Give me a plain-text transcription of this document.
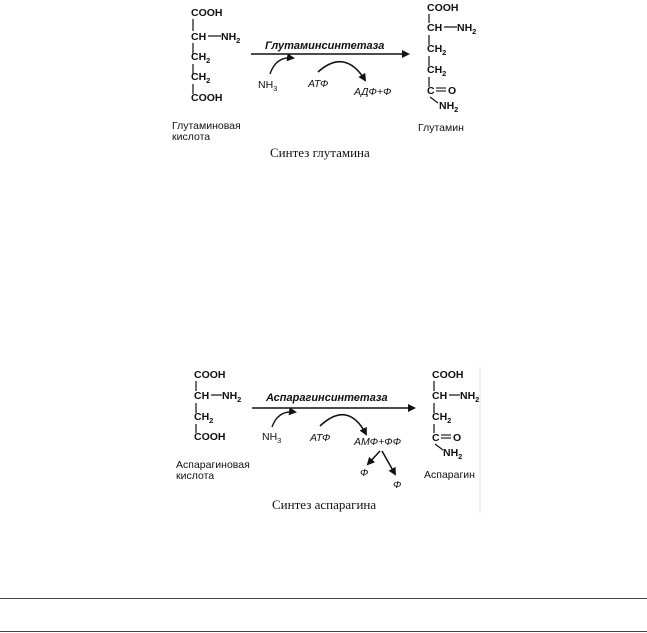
COOH
CH $NH_2$
$CH_2$
$CH_2$
COOH
Глутаминовая
кислота
Глутаминсинтетаза
$NH_3$	АТФ
АДФ+Ф
COOH
CH $NH_2$
$CH_2$
$CH_2$
C O
$NH_2$
Глутамин
Синтез глутамина
COOH
CH $NH_2$
$CH_2$
COOH
Аспарагиновая
кислота
Аспарагинсинтетаза
$NH_3$	АТФ АМФ+ФФ
Ф
Ф
COOH
CH $NH_2$
$CH_2$
C O
$NH_2$
Аспарагин
Синтез аспарагина
